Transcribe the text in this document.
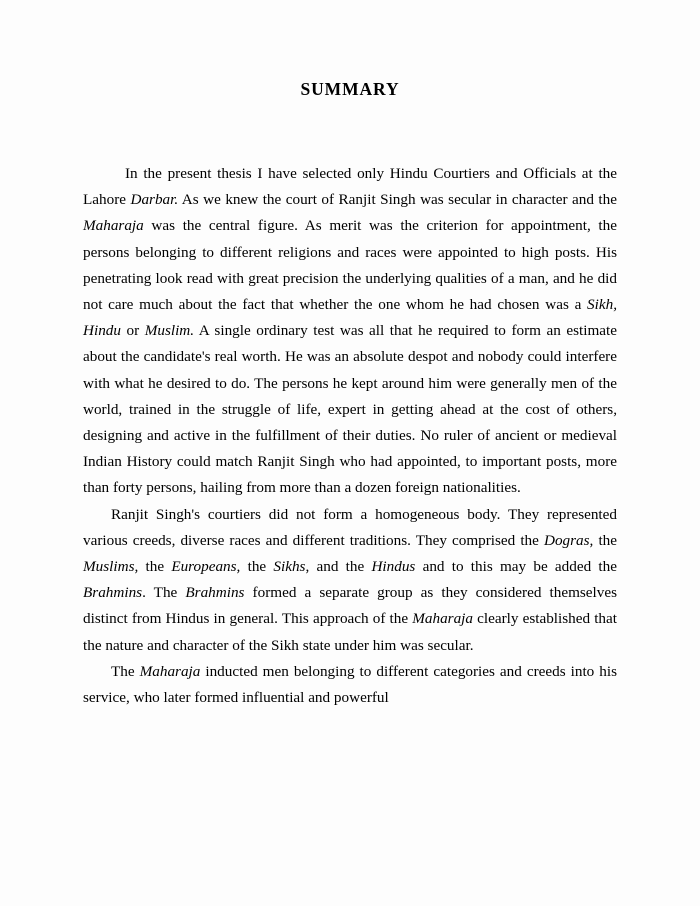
SUMMARY

In the present thesis I have selected only Hindu Courtiers and Officials at the Lahore Darbar. As we knew the court of Ranjit Singh was secular in character and the Maharaja was the central figure. As merit was the criterion for appointment, the persons belonging to different religions and races were appointed to high posts. His penetrating look read with great precision the underlying qualities of a man, and he did not care much about the fact that whether the one whom he had chosen was a Sikh, Hindu or Muslim. A single ordinary test was all that he required to form an estimate about the candidate's real worth. He was an absolute despot and nobody could interfere with what he desired to do. The persons he kept around him were generally men of the world, trained in the struggle of life, expert in getting ahead at the cost of others, designing and active in the fulfillment of their duties. No ruler of ancient or medieval Indian History could match Ranjit Singh who had appointed, to important posts, more than forty persons, hailing from more than a dozen foreign nationalities.

Ranjit Singh's courtiers did not form a homogeneous body. They represented various creeds, diverse races and different traditions. They comprised the Dogras, the Muslims, the Europeans, the Sikhs, and the Hindus and to this may be added the Brahmins. The Brahmins formed a separate group as they considered themselves distinct from Hindus in general. This approach of the Maharaja clearly established that the nature and character of the Sikh state under him was secular.

The Maharaja inducted men belonging to different categories and creeds into his service, who later formed influential and powerful
